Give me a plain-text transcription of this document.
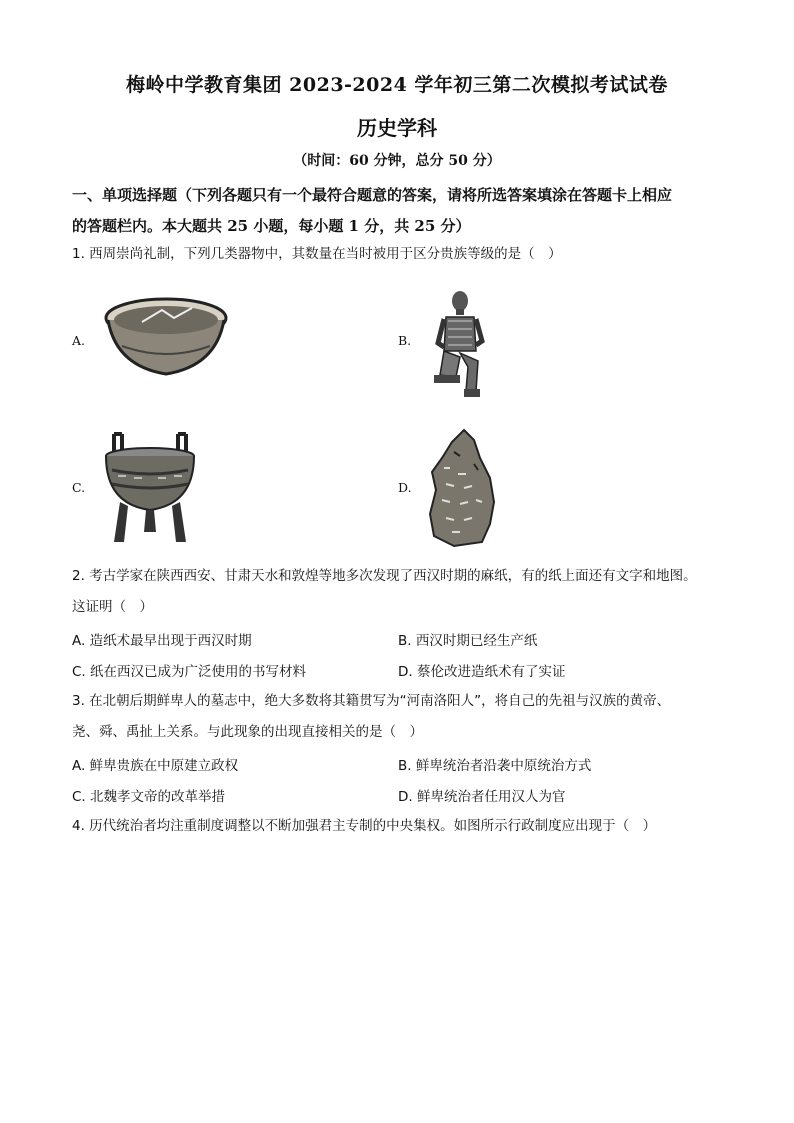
梅岭中学教育集团 2023-2024 学年初三第二次模拟考试试卷
历史学科
（时间：60 分钟，总分 50 分）
一、单项选择题（下列各题只有一个最符合题意的答案，请将所选答案填涂在答题卡上相应
的答题栏内。本大题共 25 小题，每小题 1 分，共 25 分）
1. 西周崇尚礼制，下列几类器物中，其数量在当时被用于区分贵族等级的是（　）
A.	B.
C.	D.
2. 考古学家在陕西西安、甘肃天水和敦煌等地多次发现了西汉时期的麻纸，有的纸上面还有文字和地图。
这证明（　）
A. 造纸术最早出现于西汉时期	B. 西汉时期已经生产纸
C. 纸在西汉已成为广泛使用的书写材料	D. 蔡伦改进造纸术有了实证
3. 在北朝后期鲜卑人的墓志中，绝大多数将其籍贯写为“河南洛阳人”，将自己的先祖与汉族的黄帝、
尧、舜、禹扯上关系。与此现象的出现直接相关的是（　）
A. 鲜卑贵族在中原建立政权	B. 鲜卑统治者沿袭中原统治方式
C. 北魏孝文帝的改革举措	D. 鲜卑统治者任用汉人为官
4. 历代统治者均注重制度调整以不断加强君主专制的中央集权。如图所示行政制度应出现于（　）
